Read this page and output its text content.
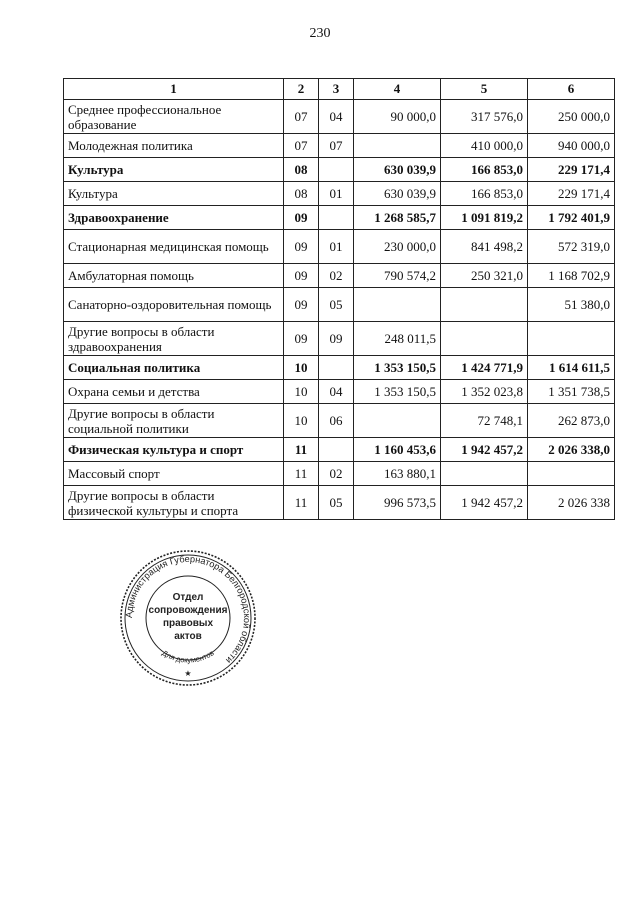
230
1	2	3	4	5	6
Среднее профессиональное образование	07	04	90 000,0	317 576,0	250 000,0
Молодежная политика	07	07		410 000,0	940 000,0
Культура	08		630 039,9	166 853,0	229 171,4
Культура	08	01	630 039,9	166 853,0	229 171,4
Здравоохранение	09		1 268 585,7	1 091 819,2	1 792 401,9
Стационарная медицинская помощь	09	01	230 000,0	841 498,2	572 319,0
Амбулаторная помощь	09	02	790 574,2	250 321,0	1 168 702,9
Санаторно-оздоровительная помощь	09	05			51 380,0
Другие вопросы в области здравоохранения	09	09	248 011,5		
Социальная политика	10		1 353 150,5	1 424 771,9	1 614 611,5
Охрана семьи и детства	10	04	1 353 150,5	1 352 023,8	1 351 738,5
Другие вопросы в области социальной политики	10	06		72 748,1	262 873,0
Физическая культура и спорт	11		1 160 453,6	1 942 457,2	2 026 338,0
Массовый спорт	11	02	163 880,1		
Другие вопросы в области физической культуры и спорта	11	05	996 573,5	1 942 457,2	2 026 338
Администрация Губернатора Белгородской области
Для документов
Отдел
сопровождения
правовых
актов
★
